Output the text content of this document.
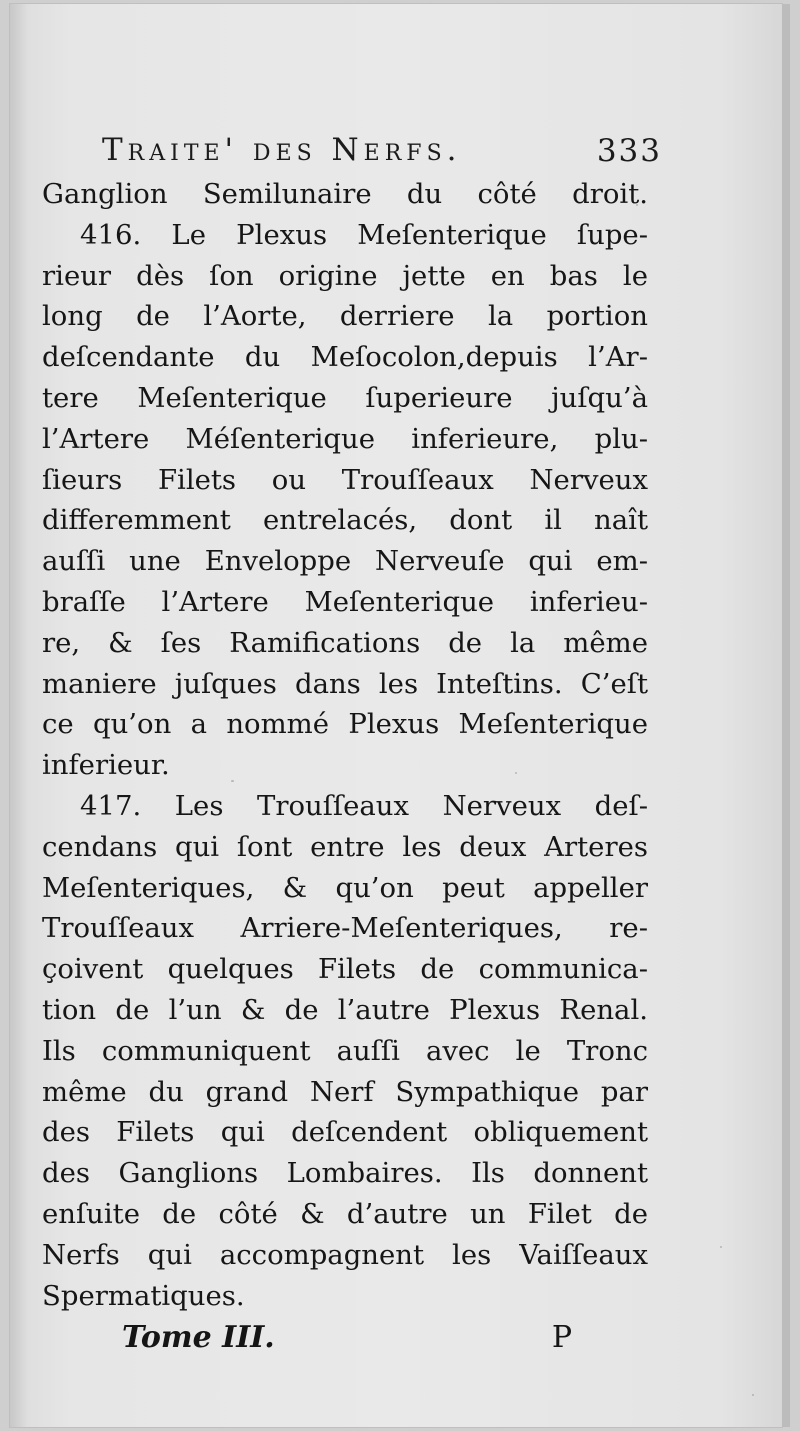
Traite' des Nerfs.	333
Ganglion Semilunaire du côté droit.
416. Le Plexus Meſenterique ſupe-
rieur dès ſon origine jette en bas le
long de l’Aorte, derriere la portion
deſcendante du Meſocolon,depuis l’Ar-
tere Meſenterique ſuperieure juſqu’à
l’Artere Méſenterique inferieure, plu-
ſieurs Filets ou Trouſſeaux Nerveux
differemment entrelacés, dont il naît
auſſi une Enveloppe Nerveuſe qui em-
braſſe l’Artere Meſenterique inferieu-
re, & ſes Ramifications de la même
maniere juſques dans les Inteſtins. C’eſt
ce qu’on a nommé Plexus Meſenterique
inferieur.
417. Les Trouſſeaux Nerveux deſ-
cendans qui ſont entre les deux Arteres
Meſenteriques, & qu’on peut appeller
Trouſſeaux Arriere-Meſenteriques, re-
çoivent quelques Filets de communica-
tion de l’un & de l’autre Plexus Renal.
Ils communiquent auſſi avec le Tronc
même du grand Nerf Sympathique par
des Filets qui deſcendent obliquement
des Ganglions Lombaires. Ils donnent
enſuite de côté & d’autre un Filet de
Nerfs qui accompagnent les Vaiſſeaux
Spermatiques.
Tome III.	P
